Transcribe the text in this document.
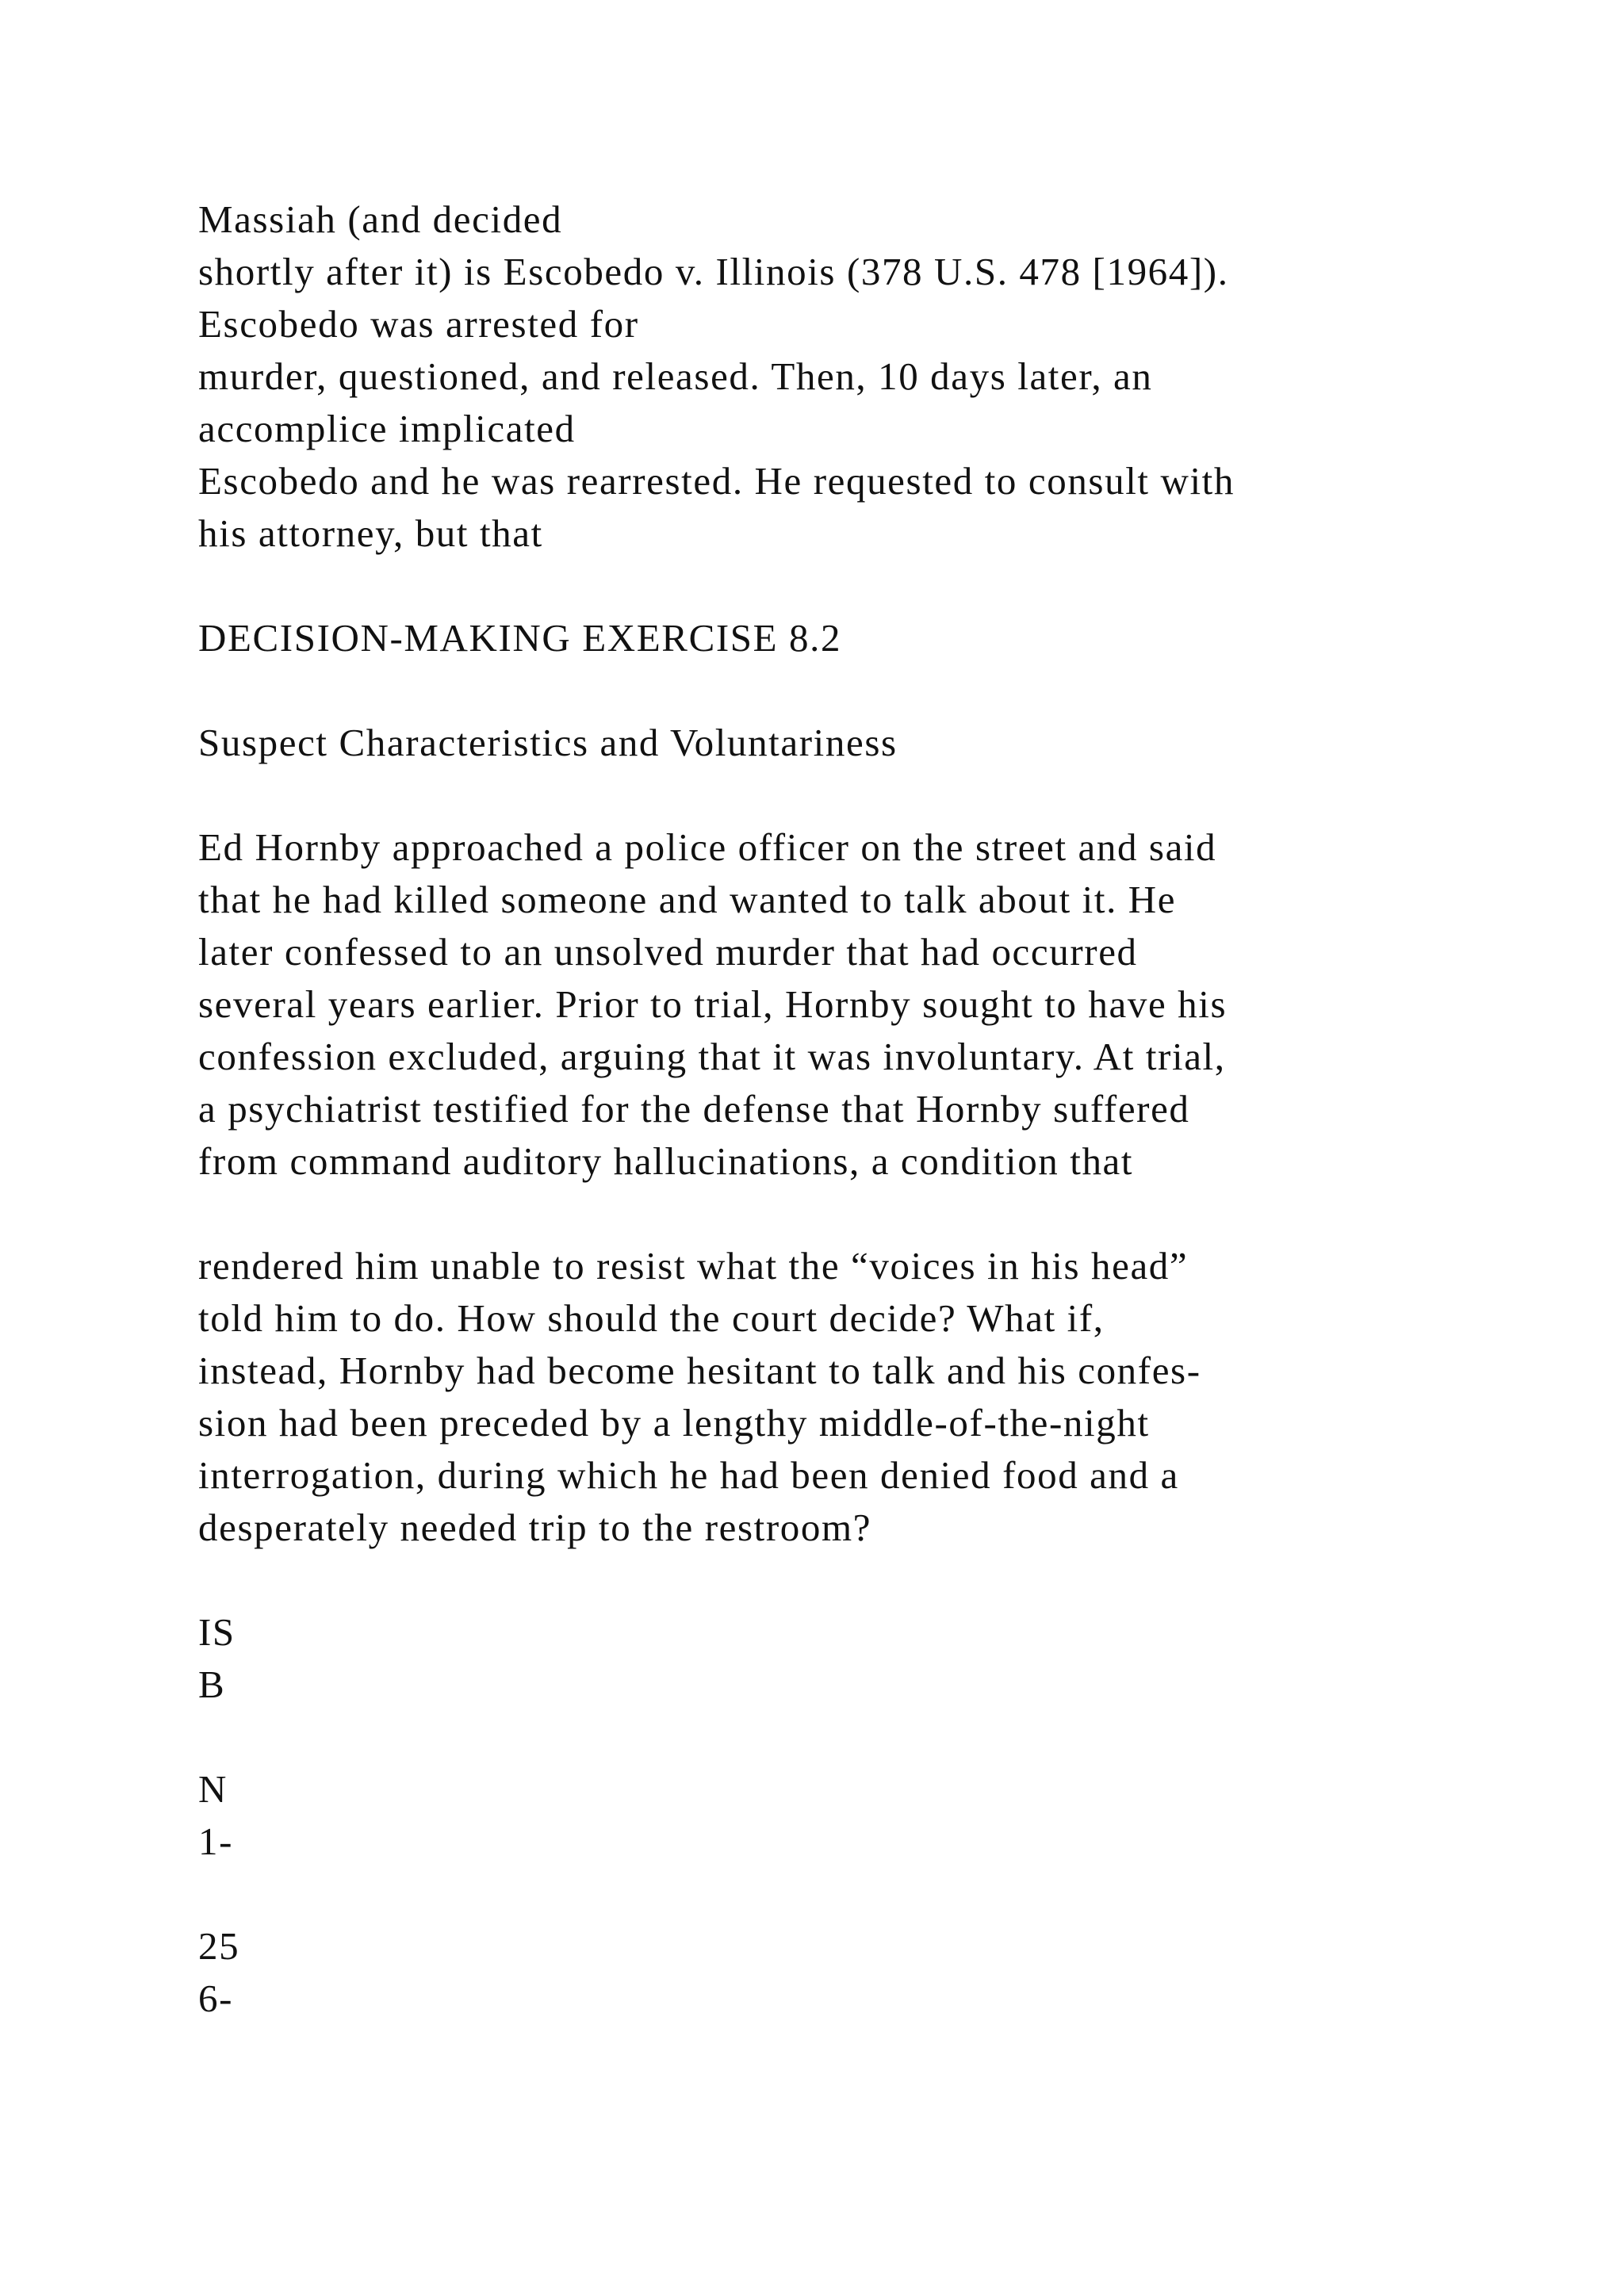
Massiah (and decided
shortly after it) is Escobedo v. Illinois (378 U.S. 478 [1964]).
Escobedo was arrested for
murder, questioned, and released. Then, 10 days later, an
accomplice implicated
Escobedo and he was rearrested. He requested to consult with
his attorney, but that
DECISION-MAKING EXERCISE 8.2
Suspect Characteristics and Voluntariness
Ed Hornby approached a police officer on the street and said
that he had killed someone and wanted to talk about it. He
later confessed to an unsolved murder that had occurred
several years earlier. Prior to trial, Hornby sought to have his
confession excluded, arguing that it was involuntary. At trial,
a psychiatrist testified for the defense that Hornby suffered
from command auditory hallucinations, a condition that
rendered him unable to resist what the “voices in his head”
told him to do. How should the court decide? What if,
instead, Hornby had become hesitant to talk and his confes-
sion had been preceded by a lengthy middle-of-the-night
interrogation, during which he had been denied food and a
desperately needed trip to the restroom?
IS
B
N
1-
25
6-
